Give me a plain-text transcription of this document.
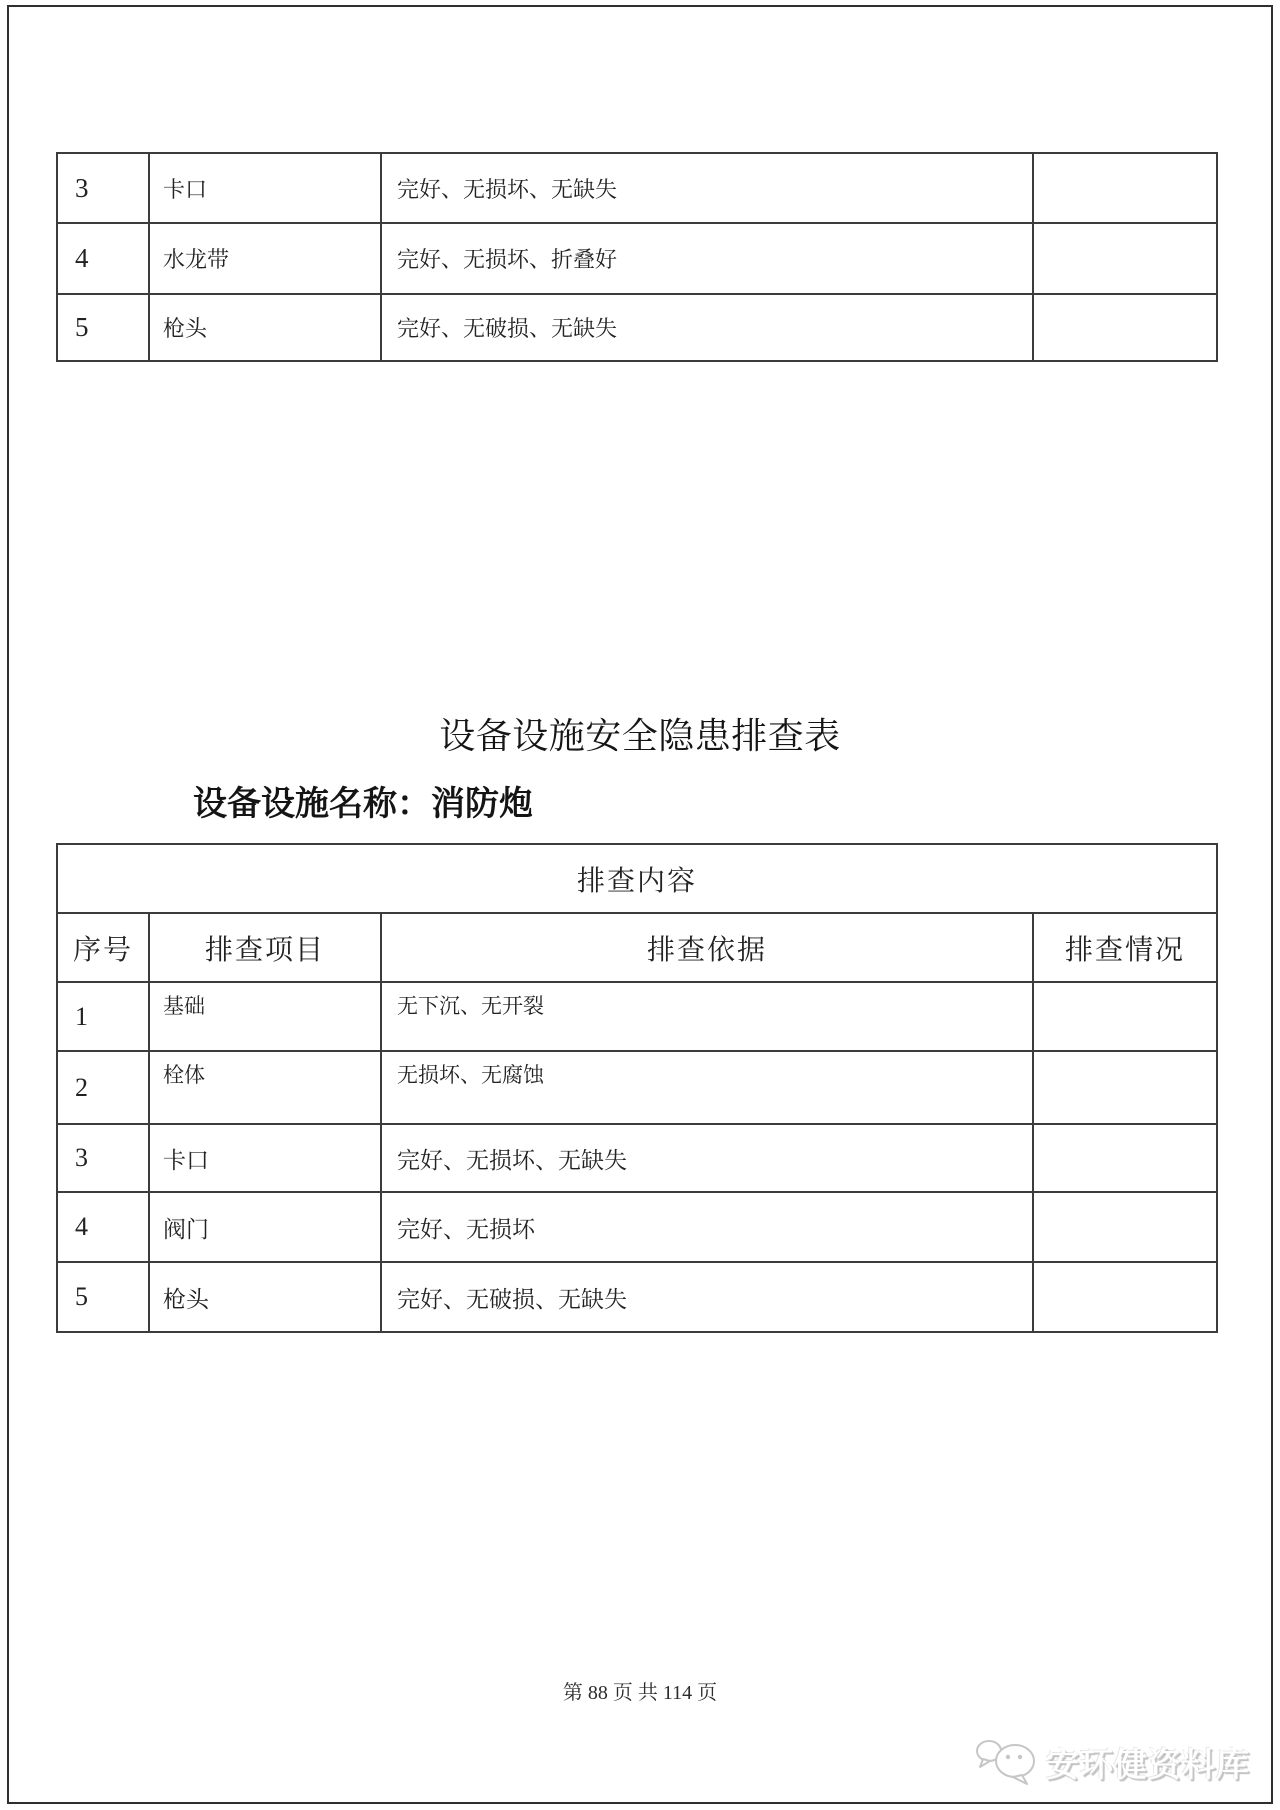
3	卡口	完好、无损坏、无缺失	
4	水龙带	完好、无损坏、折叠好	
5	枪头	完好、无破损、无缺失	
设备设施安全隐患排查表
设备设施名称：消防炮
排查内容			
序号	排查项目	排查依据	排查情况
1	基础	无下沉、无开裂	
2	栓体	无损坏、无腐蚀	
3	卡口	完好、无损坏、无缺失	
4	阀门	完好、无损坏	
5	枪头	完好、无破损、无缺失	
第 88 页 共 114 页
安环健资料库
